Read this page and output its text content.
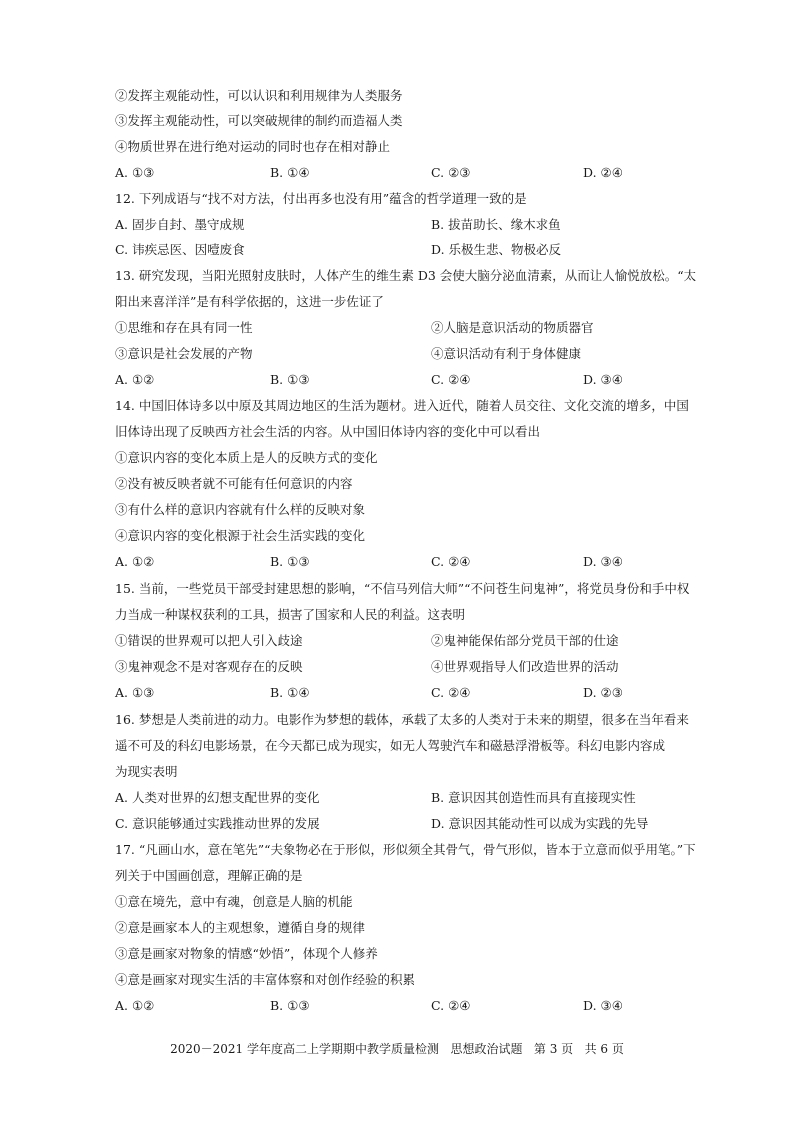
②发挥主观能动性，可以认识和利用规律为人类服务
③发挥主观能动性，可以突破规律的制约而造福人类
④物质世界在进行绝对运动的同时也存在相对静止
A. ①③	B. ①④	C. ②③	D. ②④
12. 下列成语与“找不对方法，付出再多也没有用”蕴含的哲学道理一致的是
A. 固步自封、墨守成规	B. 拔苗助长、缘木求鱼
C. 讳疾忌医、因噎废食	D. 乐极生悲、物极必反
13. 研究发现，当阳光照射皮肤时，人体产生的维生素 D3 会使大脑分泌血清素，从而让人愉悦放松。“太
阳出来喜洋洋”是有科学依据的，这进一步佐证了
①思维和存在具有同一性	②人脑是意识活动的物质器官
③意识是社会发展的产物	④意识活动有利于身体健康
A. ①②	B. ①③	C. ②④	D. ③④
14. 中国旧体诗多以中原及其周边地区的生活为题材。进入近代，随着人员交往、文化交流的增多，中国
旧体诗出现了反映西方社会生活的内容。从中国旧体诗内容的变化中可以看出
①意识内容的变化本质上是人的反映方式的变化
②没有被反映者就不可能有任何意识的内容
③有什么样的意识内容就有什么样的反映对象
④意识内容的变化根源于社会生活实践的变化
A. ①②	B. ①③	C. ②④	D. ③④
15. 当前，一些党员干部受封建思想的影响，“不信马列信大师”“不问苍生问鬼神”，将党员身份和手中权
力当成一种谋权获利的工具，损害了国家和人民的利益。这表明
①错误的世界观可以把人引入歧途	②鬼神能保佑部分党员干部的仕途
③鬼神观念不是对客观存在的反映	④世界观指导人们改造世界的活动
A. ①③	B. ①④	C. ②④	D. ②③
16. 梦想是人类前进的动力。电影作为梦想的载体，承载了太多的人类对于未来的期望，很多在当年看来
遥不可及的科幻电影场景，在今天都已成为现实，如无人驾驶汽车和磁悬浮滑板等。科幻电影内容成
为现实表明
A. 人类对世界的幻想支配世界的变化	B. 意识因其创造性而具有直接现实性
C. 意识能够通过实践推动世界的发展	D. 意识因其能动性可以成为实践的先导
17. “凡画山水，意在笔先”“夫象物必在于形似，形似须全其骨气，骨气形似，皆本于立意而似乎用笔。”下
列关于中国画创意，理解正确的是
①意在境先，意中有魂，创意是人脑的机能
②意是画家本人的主观想象，遵循自身的规律
③意是画家对物象的情感“妙悟”，体现个人修养
④意是画家对现实生活的丰富体察和对创作经验的积累
A. ①②	B. ①③	C. ②④	D. ③④
2020－2021 学年度高二上学期期中教学质量检测   思想政治试题   第 3 页   共 6 页
